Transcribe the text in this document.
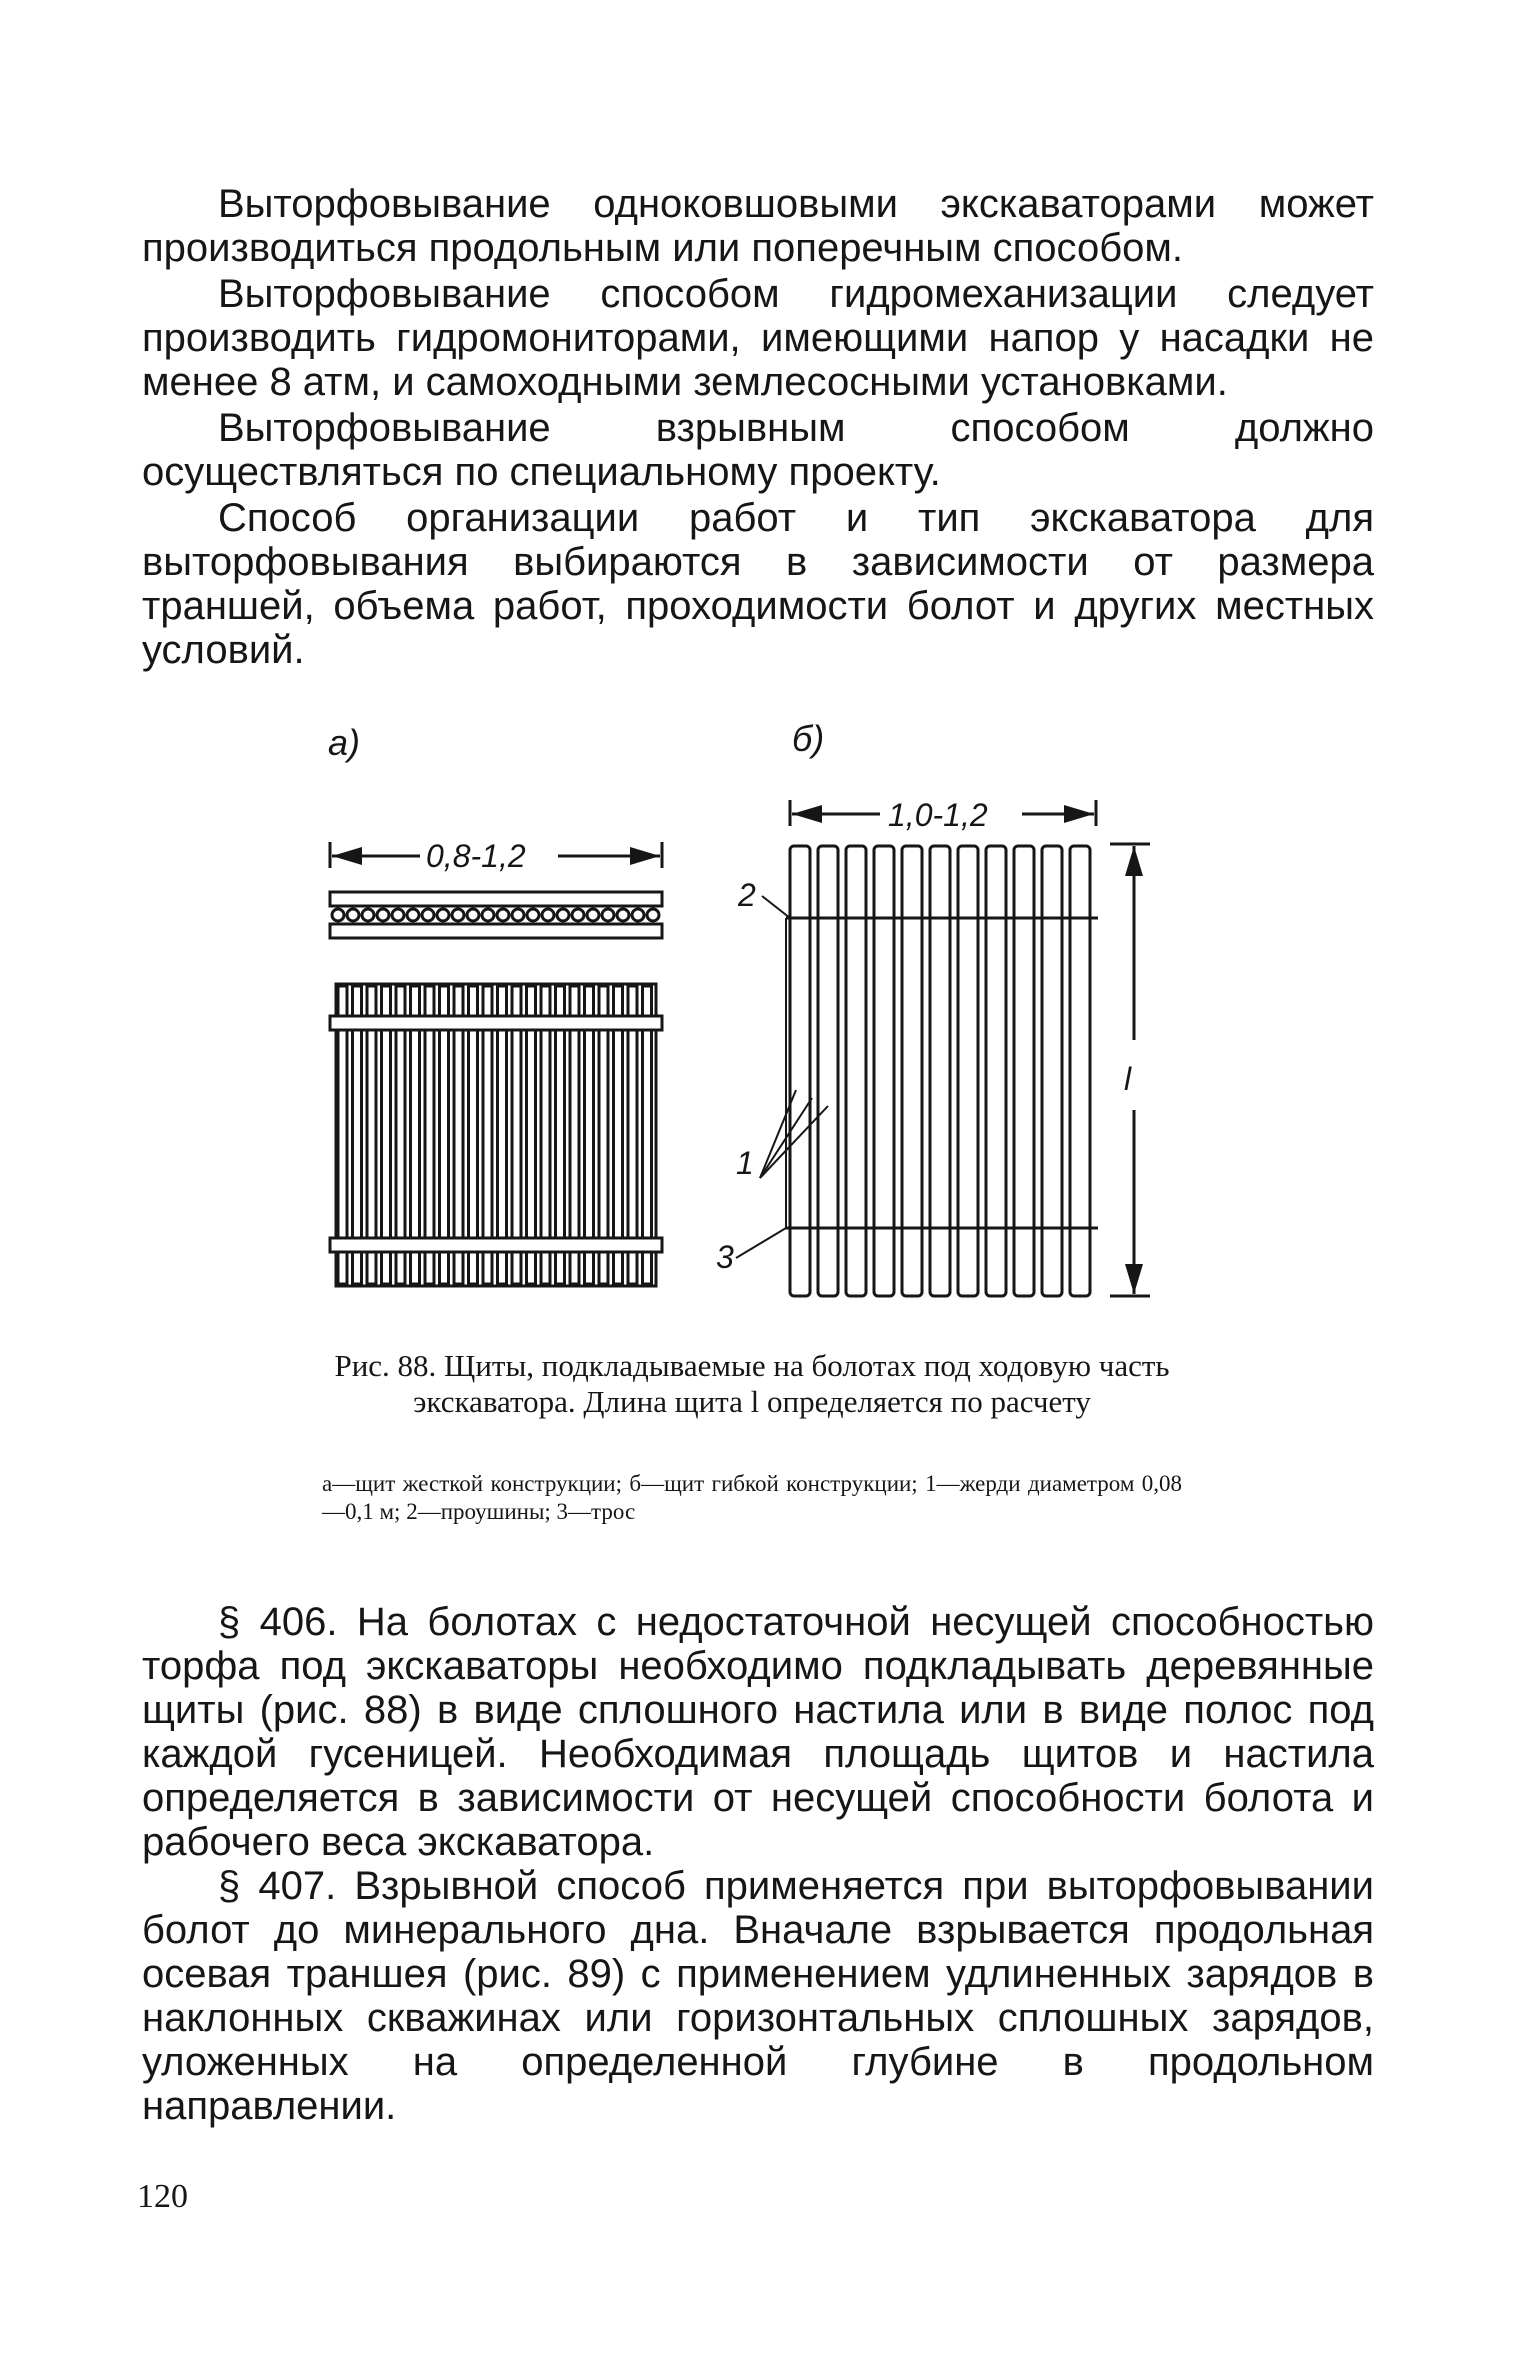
Выторфовывание одноковшовыми экскаваторами может производиться продольным или поперечным способом.

Выторфовывание способом гидромеханизации следует производить гидромониторами, имеющими напор у насадки не менее 8 атм, и самоходными землесосными установками.

Выторфовывание взрывным способом должно осуществляться по специальному проекту.

Способ организации работ и тип экскаватора для выторфовывания выбираются в зависимости от размера траншей, объема работ, проходимости болот и других местных условий.

а)	б)
0,8-1,2
1,0-1,2
l
2
1
3
Рис. 88. Щиты, подкладываемые на болотах под ходовую часть экскаватора. Длина щита l определяется по расчету
а—щит жесткой конструкции; б—щит гибкой конструкции; 1—жерди диаметром 0,08—0,1 м; 2—проушины; 3—трос

§ 406. На болотах с недостаточной несущей способностью торфа под экскаваторы необходимо подкладывать деревянные щиты (рис. 88) в виде сплошного настила или в виде полос под каждой гусеницей. Необходимая площадь щитов и настила определяется в зависимости от несущей способности болота и рабочего веса экскаватора.

§ 407. Взрывной способ применяется при выторфовывании болот до минерального дна. Вначале взрывается продольная осевая траншея (рис. 89) с применением удлиненных зарядов в наклонных скважинах или горизонтальных сплошных зарядов, уложенных на определенной глубине в продольном направлении.

120
